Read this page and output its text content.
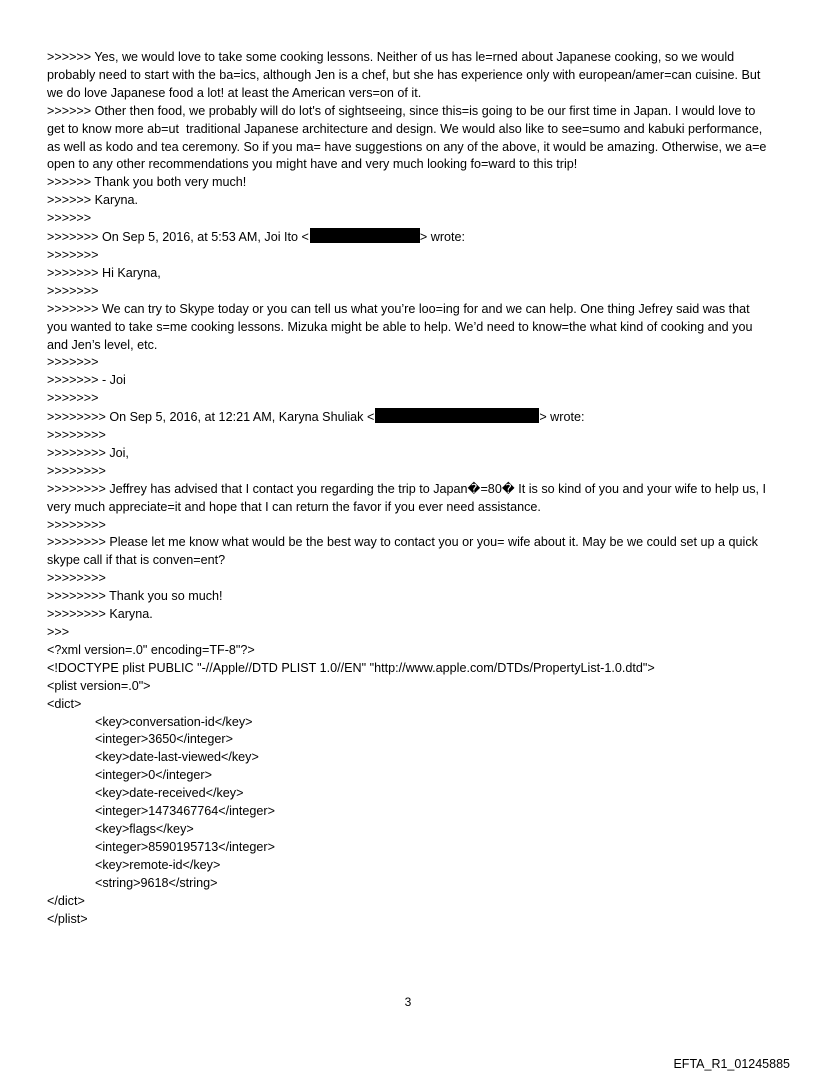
>>>>>> Yes, we would love to take some cooking lessons. Neither of us has le=rned about Japanese cooking, so we would probably need to start with the ba=ics, although Jen is a chef, but she has experience only with european/amer=can cuisine. But we do love Japanese food a lot! at least the American vers=on of it.
>>>>>> Other then food, we probably will do lot's of sightseeing, since this=is going to be our first time in Japan. I would love to get to know more ab=ut  traditional Japanese architecture and design. We would also like to see=sumo and kabuki performance, as well as kodo and tea ceremony. So if you ma= have suggestions on any of the above, it would be amazing. Otherwise, we a=e open to any other recommendations you might have and very much looking fo=ward to this trip!
>>>>>> Thank you both very much!
>>>>>> Karyna.
>>>>>>
>>>>>>> On Sep 5, 2016, at 5:53 AM, Joi Ito <	> wrote:
>>>>>>>
>>>>>>> Hi Karyna,
>>>>>>>
>>>>>>> We can try to Skype today or you can tell us what you’re loo=ing for and we can help. One thing Jefrey said was that you wanted to take s=me cooking lessons. Mizuka might be able to help. We’d need to know=the what kind of cooking and you and Jen’s level, etc.
>>>>>>>
>>>>>>> - Joi
>>>>>>>
>>>>>>>> On Sep 5, 2016, at 12:21 AM, Karyna Shuliak <	> wrote:
>>>>>>>>
>>>>>>>> Joi,
>>>>>>>>
>>>>>>>> Jeffrey has advised that I contact you regarding the trip to Japan�=80� It is so kind of you and your wife to help us, I very much appreciate=it and hope that I can return the favor if you ever need assistance.
>>>>>>>>
>>>>>>>> Please let me know what would be the best way to contact you or you= wife about it. May be we could set up a quick skype call if that is conven=ent?
>>>>>>>>
>>>>>>>> Thank you so much!
>>>>>>>> Karyna.
>>>
<?xml version=.0" encoding=TF-8"?>
<!DOCTYPE plist PUBLIC "-//Apple//DTD PLIST 1.0//EN" "http://www.apple.com/DTDs/PropertyList-1.0.dtd">
<plist version=.0">
<dict>
<key>conversation-id</key>
<integer>3650</integer>
<key>date-last-viewed</key>
<integer>0</integer>
<key>date-received</key>
<integer>1473467764</integer>
<key>flags</key>
<integer>8590195713</integer>
<key>remote-id</key>
<string>9618</string>
</dict>
</plist>
3
EFTA_R1_01245885
